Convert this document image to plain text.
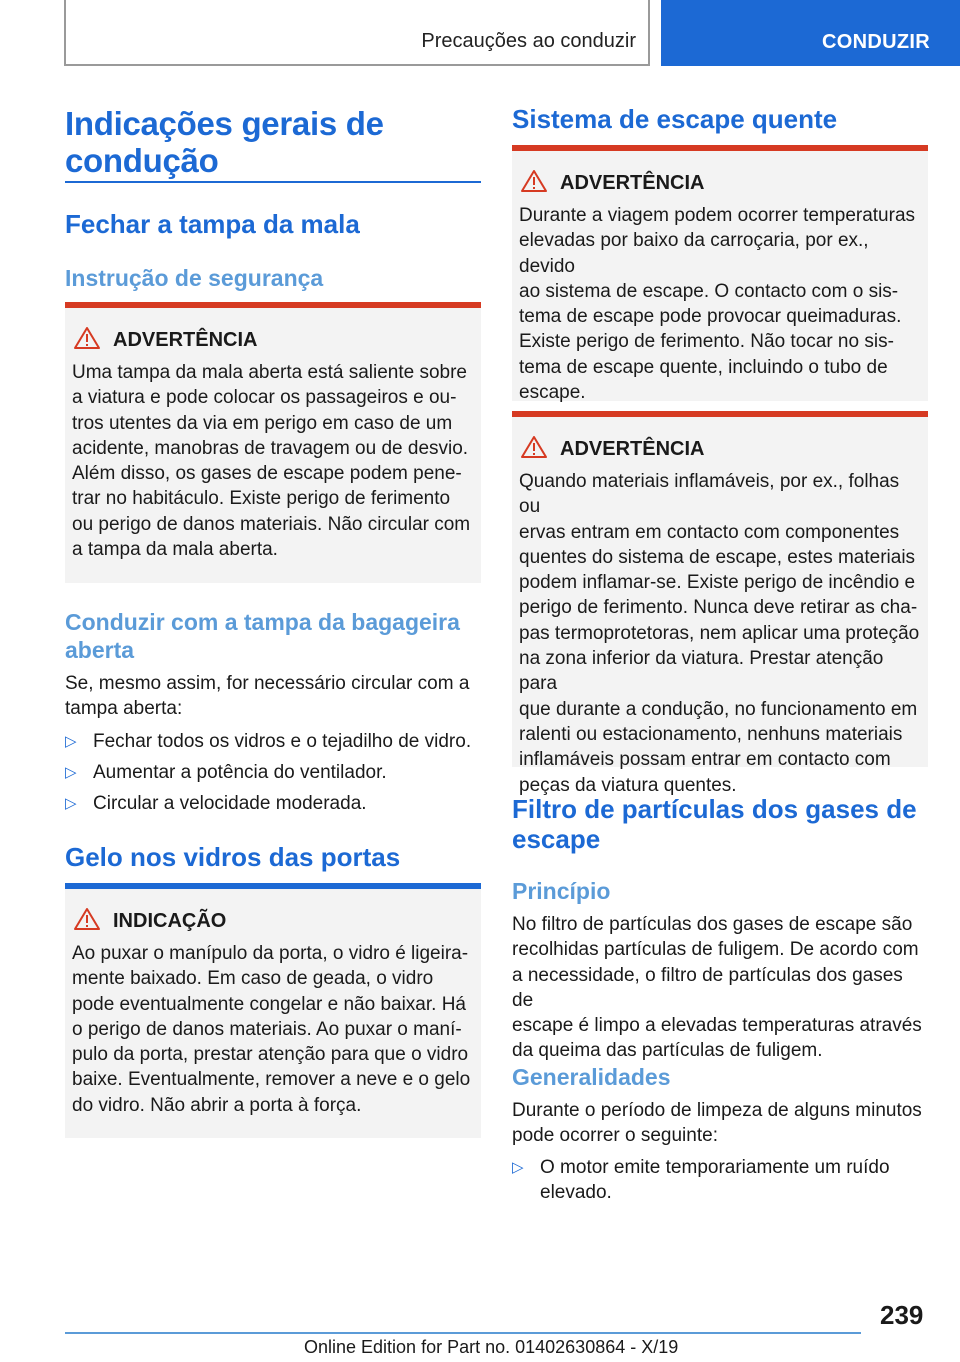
Precauções ao conduzir	CONDUZIR
Indicações gerais de
condução
Fechar a tampa da mala
Instrução de segurança
ADVERTÊNCIA
Uma tampa da mala aberta está saliente sobre
a viatura e pode colocar os passageiros e ou-
tros utentes da via em perigo em caso de um
acidente, manobras de travagem ou de desvio.
Além disso, os gases de escape podem pene-
trar no habitáculo. Existe perigo de ferimento
ou perigo de danos materiais. Não circular com
a tampa da mala aberta.
Conduzir com a tampa da bagageira
aberta
Se, mesmo assim, for necessário circular com a
tampa aberta:
▷ Fechar todos os vidros e o tejadilho de vidro.
▷ Aumentar a potência do ventilador.
▷ Circular a velocidade moderada.
Gelo nos vidros das portas
INDICAÇÃO
Ao puxar o manípulo da porta, o vidro é ligeira-
mente baixado. Em caso de geada, o vidro
pode eventualmente congelar e não baixar. Há
o perigo de danos materiais. Ao puxar o maní-
pulo da porta, prestar atenção para que o vidro
baixe. Eventualmente, remover a neve e o gelo
do vidro. Não abrir a porta à força.
Sistema de escape quente
ADVERTÊNCIA
Durante a viagem podem ocorrer temperaturas
elevadas por baixo da carroçaria, por ex., devido
ao sistema de escape. O contacto com o sis-
tema de escape pode provocar queimaduras.
Existe perigo de ferimento. Não tocar no sis-
tema de escape quente, incluindo o tubo de
escape.
ADVERTÊNCIA
Quando materiais inflamáveis, por ex., folhas ou
ervas entram em contacto com componentes
quentes do sistema de escape, estes materiais
podem inflamar-se. Existe perigo de incêndio e
perigo de ferimento. Nunca deve retirar as cha-
pas termoprotetoras, nem aplicar uma proteção
na zona inferior da viatura. Prestar atenção para
que durante a condução, no funcionamento em
ralenti ou estacionamento, nenhuns materiais
inflamáveis possam entrar em contacto com
peças da viatura quentes.
Filtro de partículas dos gases de
escape
Princípio
No filtro de partículas dos gases de escape são
recolhidas partículas de fuligem. De acordo com
a necessidade, o filtro de partículas dos gases de
escape é limpo a elevadas temperaturas através
da queima das partículas de fuligem.
Generalidades
Durante o período de limpeza de alguns minutos
pode ocorrer o seguinte:
▷ O motor emite temporariamente um ruído
elevado.
239
Online Edition for Part no. 01402630864 - X/19
